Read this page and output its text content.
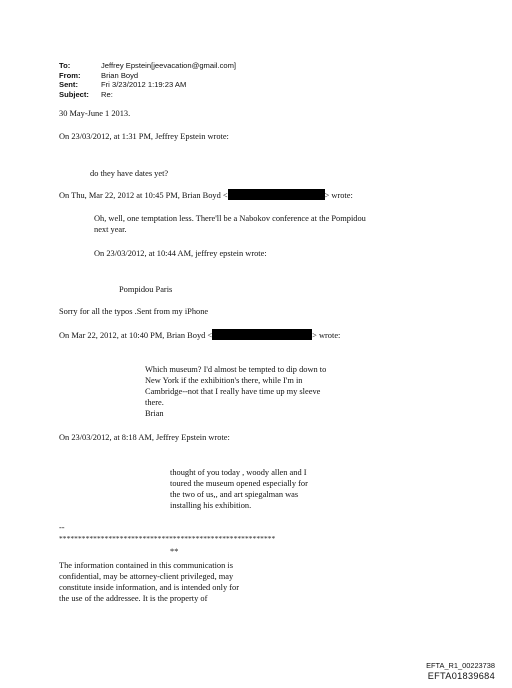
To:	Jeffrey Epstein[jeevacation@gmail.com]
From:	Brian Boyd
Sent:	Fri 3/23/2012 1:19:23 AM
Subject:	Re:
30 May-June 1 2013.
On 23/03/2012, at 1:31 PM, Jeffrey Epstein wrote:
do they have dates yet?
On Thu, Mar 22, 2012 at 10:45 PM, Brian Boyd <	> wrote:
Oh, well, one temptation less. There'll be a Nabokov conference at the Pompidou
next year.
On 23/03/2012, at 10:44 AM, jeffrey epstein wrote:
Pompidou Paris
Sorry for all the typos .Sent from my iPhone
On Mar 22, 2012, at 10:40 PM, Brian Boyd <	> wrote:
Which museum? I'd almost be tempted to dip down to
New York if the exhibition's there, while I'm in
Cambridge--not that I really have time up my sleeve
there.
Brian
On 23/03/2012, at 8:18 AM, Jeffrey Epstein wrote:
thought of you today , woody allen and I
toured the museum opened especially for
the two of us,, and art spiegalman was
installing his exhibition.
--
*********************************************************
**
The information contained in this communication is
confidential, may be attorney-client privileged, may
constitute inside information, and is intended only for
the use of the addressee. It is the property of
EFTA_R1_00223738
EFTA01839684
